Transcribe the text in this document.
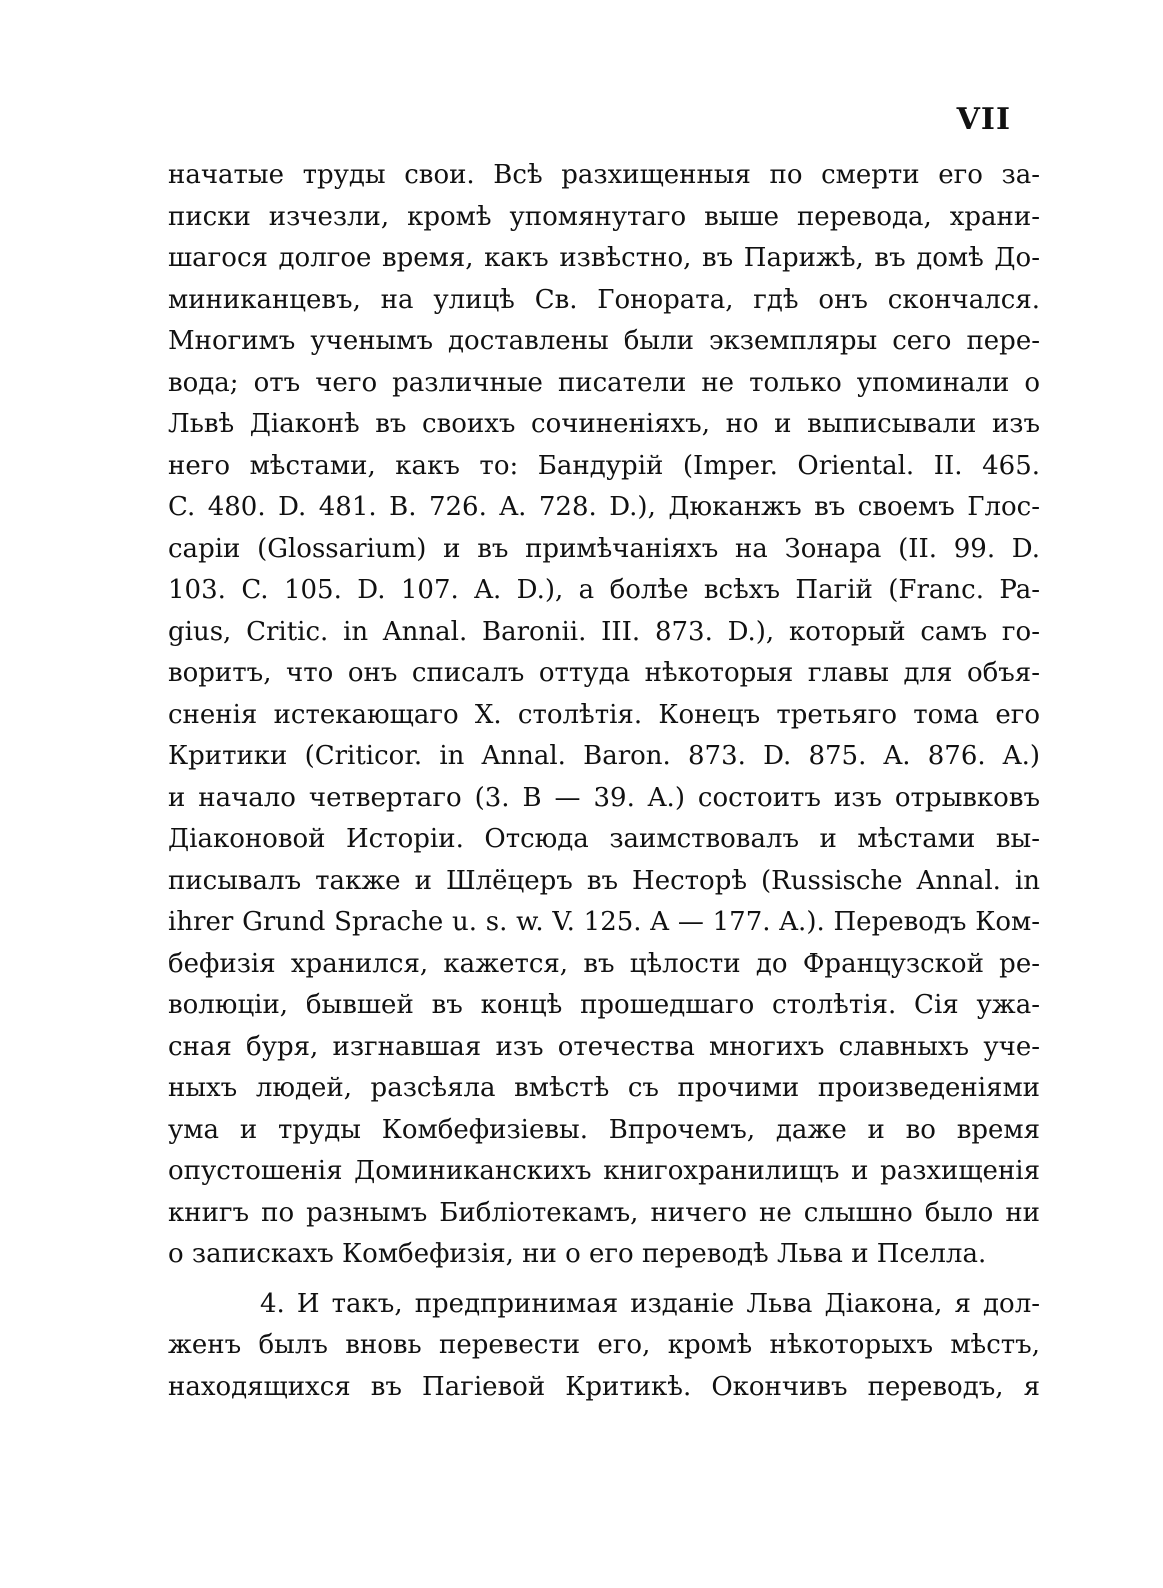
VII
начатые труды свои. Всѣ разхищенныя по смерти его за-
писки изчезли, кромѣ упомянутаго выше перевода, храни-
шагося долгое время, какъ извѣстно, въ Парижѣ, въ домѣ До-
миниканцевъ, на улицѣ Св. Гонората, гдѣ онъ скончался.
Многимъ ученымъ доставлены были экземпляры сего пере-
вода; отъ чего различные писатели не только упоминали о
Львѣ Діаконѣ въ своихъ сочиненіяхъ, но и выписывали изъ
него мѣстами, какъ то: Бандурій (Imper. Oriental. II. 465.
C. 480. D. 481. B. 726. A. 728. D.), Дюканжъ въ своемъ Глос-
саріи (Glossarium) и въ примѣчаніяхъ на Зонара (II. 99. D.
103. C. 105. D. 107. A. D.), а болѣе всѣхъ Пагій (Franc. Pa-
gius, Critic. in Annal. Baronii. III. 873. D.), который самъ го-
воритъ, что онъ списалъ оттуда нѣкоторыя главы для объя-
сненія истекающаго X. столѣтія. Конецъ третьяго тома его
Критики (Criticor. in Annal. Baron. 873. D. 875. A. 876. A.)
и начало четвертаго (3. B — 39. A.) состоитъ изъ отрывковъ
Діаконовой Исторіи. Отсюда заимствовалъ и мѣстами вы-
писывалъ также и Шлёцеръ въ Несторѣ (Russische Annal. in
ihrer Grund Sprache u. s. w. V. 125. A — 177. A.). Переводъ Ком-
бефизія хранился, кажется, въ цѣлости до Французской ре-
волюціи, бывшей въ концѣ прошедшаго столѣтія. Сія ужа-
сная буря, изгнавшая изъ отечества многихъ славныхъ уче-
ныхъ людей, разсѣяла вмѣстѣ съ прочими произведеніями
ума и труды Комбефизіевы. Впрочемъ, даже и во время
опустошенія Доминиканскихъ книгохранилищъ и разхищенія
книгъ по разнымъ Библіотекамъ, ничего не слышно было ни
о запискахъ Комбефизія, ни о его переводѣ Льва и Пселла.
4. И такъ, предпринимая изданіе Льва Діакона, я дол-
женъ былъ вновь перевести его, кромѣ нѣкоторыхъ мѣстъ,
находящихся въ Пагіевой Критикѣ. Окончивъ переводъ, я
